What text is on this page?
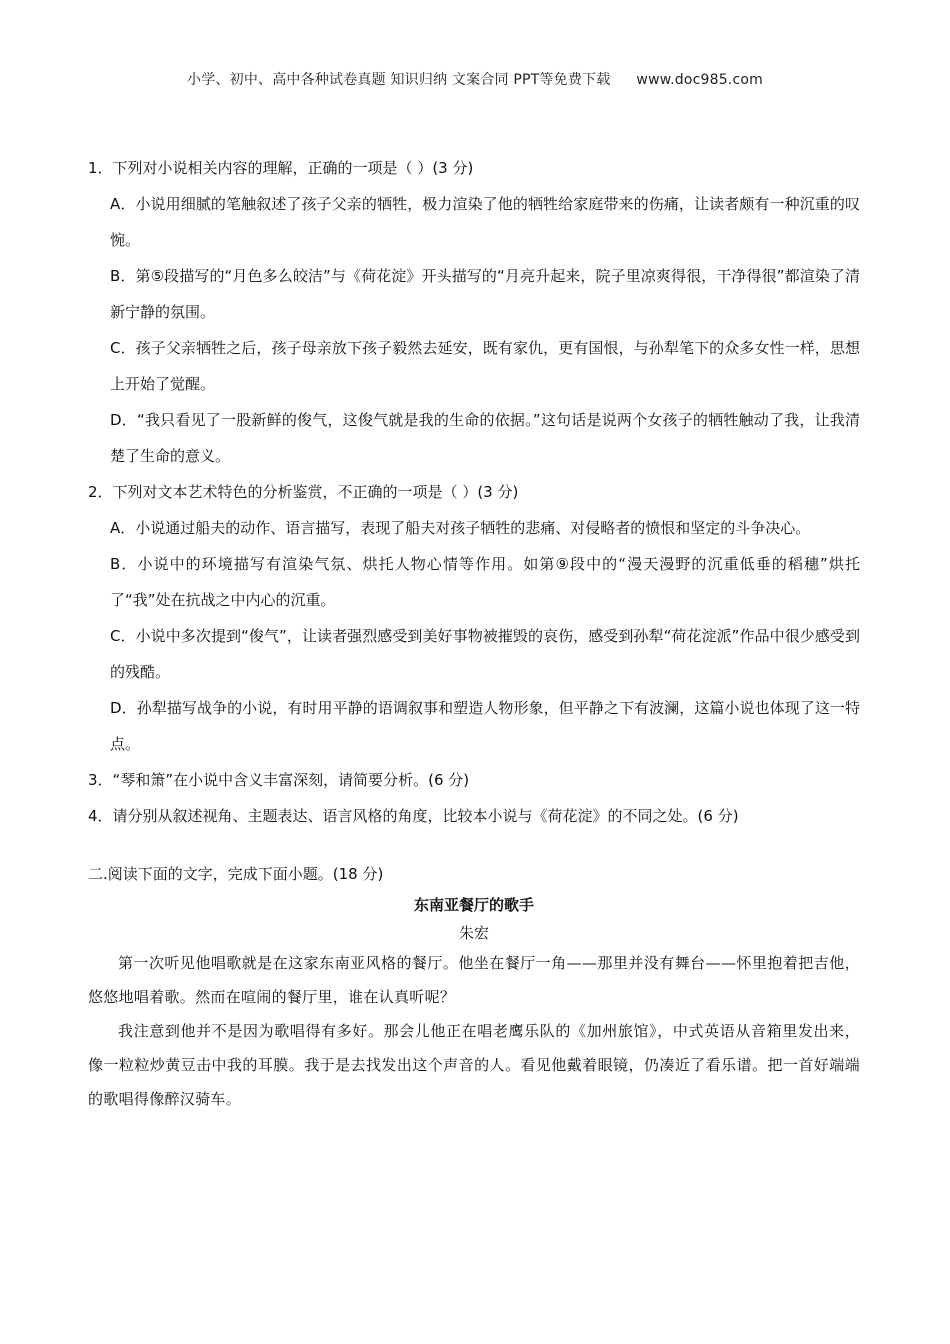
小学、初中、高中各种试卷真题 知识归纳 文案合同 PPT等免费下载 www.doc985.com

1．下列对小说相关内容的理解，正确的一项是（ ）(3 分)

A．小说用细腻的笔触叙述了孩子父亲的牺牲，极力渲染了他的牺牲给家庭带来的伤痛，让读者颇有一种沉重的叹惋。

B．第⑤段描写的“月色多么皎洁”与《荷花淀》开头描写的“月亮升起来，院子里凉爽得很，干净得很”都渲染了清新宁静的氛围。

C．孩子父亲牺牲之后，孩子母亲放下孩子毅然去延安，既有家仇，更有国恨，与孙犁笔下的众多女性一样，思想上开始了觉醒。

D．“我只看见了一股新鲜的俊气，这俊气就是我的生命的依据。”这句话是说两个女孩子的牺牲触动了我，让我清楚了生命的意义。

2．下列对文本艺术特色的分析鉴赏，不正确的一项是（ ）(3 分)

A．小说通过船夫的动作、语言描写，表现了船夫对孩子牺牲的悲痛、对侵略者的愤恨和坚定的斗争决心。

B．小说中的环境描写有渲染气氛、烘托人物心情等作用。如第⑨段中的“漫天漫野的沉重低垂的稻穗”烘托了“我”处在抗战之中内心的沉重。

C．小说中多次提到“俊气”，让读者强烈感受到美好事物被摧毁的哀伤，感受到孙犁“荷花淀派”作品中很少感受到的残酷。

D．孙犁描写战争的小说，有时用平静的语调叙事和塑造人物形象，但平静之下有波澜，这篇小说也体现了这一特点。

3．“琴和箫”在小说中含义丰富深刻，请简要分析。(6 分)

4．请分别从叙述视角、主题表达、语言风格的角度，比较本小说与《荷花淀》的不同之处。(6 分)

二.阅读下面的文字，完成下面小题。(18 分)

东南亚餐厅的歌手

朱宏

第一次听见他唱歌就是在这家东南亚风格的餐厅。他坐在餐厅一角——那里并没有舞台——怀里抱着把吉他，悠悠地唱着歌。然而在喧闹的餐厅里，谁在认真听呢？

我注意到他并不是因为歌唱得有多好。那会儿他正在唱老鹰乐队的《加州旅馆》，中式英语从音箱里发出来，像一粒粒炒黄豆击中我的耳膜。我于是去找发出这个声音的人。看见他戴着眼镜，仍凑近了看乐谱。把一首好端端的歌唱得像醉汉骑车。
